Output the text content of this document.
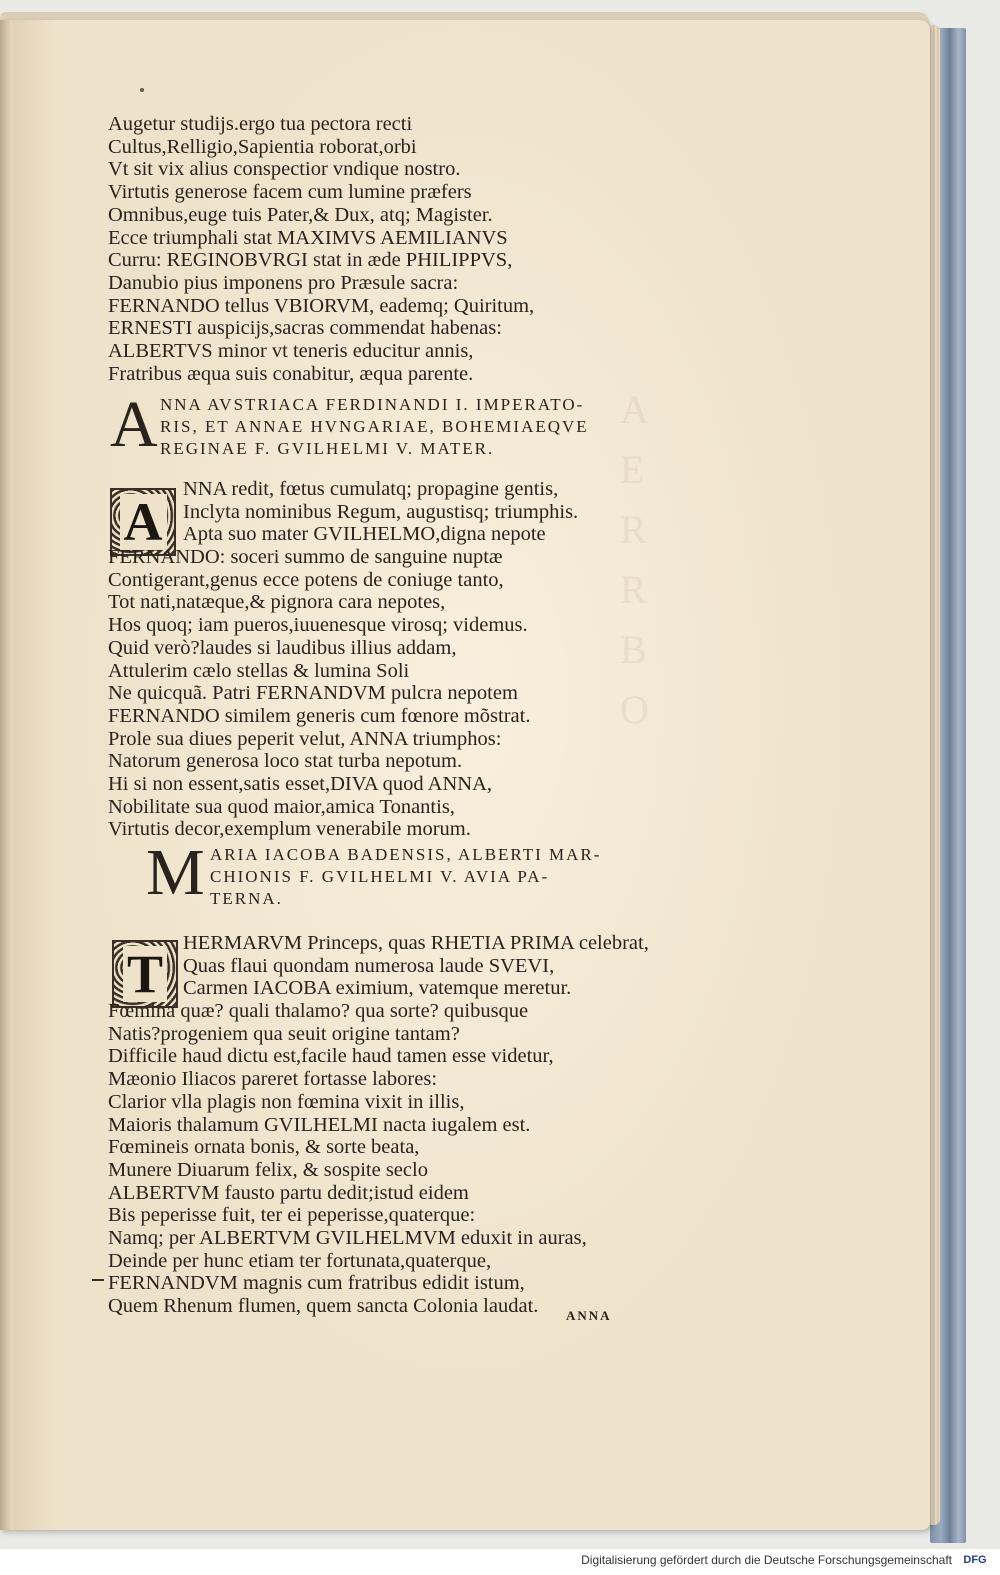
Augetur studijs.ergo tua pectora recti
Cultus,Relligio,Sapientia roborat,orbi
Vt sit vix alius conspectior vndique nostro.
Virtutis generose facem cum lumine præfers
Omnibus,euge tuis Pater,& Dux, atq; Magister.
Ecce triumphali stat MAXIMVS AEMILIANVS
Curru: REGINOBVRGI stat in æde PHILIPPVS,
Danubio pius imponens pro Præsule sacra:
FERNANDO tellus VBIORVM, eademq; Quiritum,
ERNESTI auspicijs,sacras commendat habenas:
ALBERTVS minor vt teneris educitur annis,
Fratribus æqua suis conabitur, æqua parente.
A NNA AVSTRIACA FERDINANDI I. IMPERATO-
RIS, ET ANNAE HVNGARIAE, BOHEMIAEQVE
REGINAE F. GVILHELMI V. MATER.
A
NNA redit, fœtus cumulatq; propagine gentis,
Inclyta nominibus Regum, augustisq; triumphis.
Apta suo mater GVILHELMO,digna nepote
FERNANDO: soceri summo de sanguine nuptæ
Contigerant,genus ecce potens de coniuge tanto,
Tot nati,natæque,& pignora cara nepotes,
Hos quoq; iam pueros,iuuenesque virosq; videmus.
Quid verò?laudes si laudibus illius addam,
Attulerim cælo stellas & lumina Soli
Ne quicquã. Patri FERNANDVM pulcra nepotem
FERNANDO similem generis cum fœnore mõstrat.
Prole sua diues peperit velut, ANNA triumphos:
Natorum generosa loco stat turba nepotum.
Hi si non essent,satis esset,DIVA quod ANNA,
Nobilitate sua quod maior,amica Tonantis,
Virtutis decor,exemplum venerabile morum.
M ARIA IACOBA BADENSIS, ALBERTI MAR-
CHIONIS F. GVILHELMI V. AVIA PA-
TERNA.
T
HERMARVM Princeps, quas RHETIA PRIMA celebrat,
Quas flaui quondam numerosa laude SVEVI,
Carmen IACOBA eximium, vatemque meretur.
Fœmina quæ? quali thalamo? qua sorte? quibusque
Natis?progeniem qua seuit origine tantam?
Difficile haud dictu est,facile haud tamen esse videtur,
Mæonio Iliacos pareret fortasse labores:
Clarior vlla plagis non fœmina vixit in illis,
Maioris thalamum GVILHELMI nacta iugalem est.
Fœmineis ornata bonis, & sorte beata,
Munere Diuarum felix, & sospite seclo
ALBERTVM fausto partu dedit;istud eidem
Bis peperisse fuit, ter ei peperisse,quaterque:
Namq; per ALBERTVM GVILHELMVM eduxit in auras,
Deinde per hunc etiam ter fortunata,quaterque,
FERNANDVM magnis cum fratribus edidit istum,
Quem Rhenum flumen, quem sancta Colonia laudat.	ANNA
Digitalisierung gefördert durch die Deutsche Forschungsgemeinschaft	DFG
